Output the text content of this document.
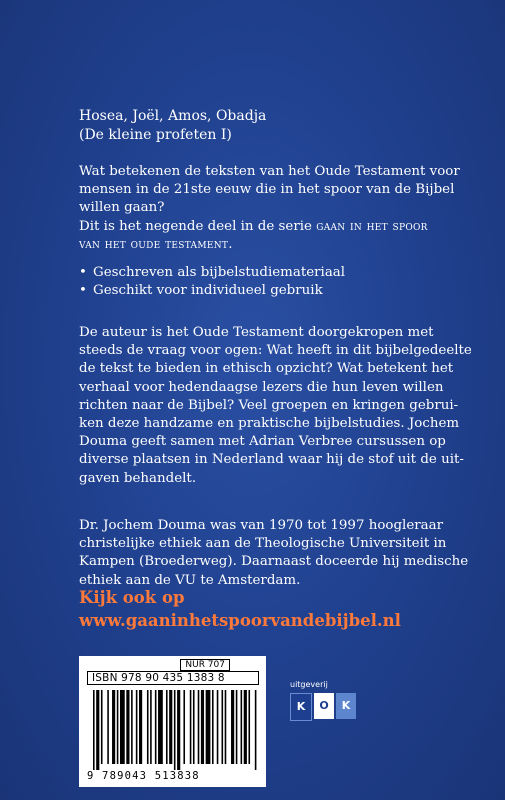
Hosea, Joël, Amos, Obadja
(De kleine profeten I)
Wat betekenen de teksten van het Oude Testament voor
mensen in de 21ste eeuw die in het spoor van de Bijbel
willen gaan?
Dit is het negende deel in de serie gaan in het spoor
van het oude testament.
• Geschreven als bijbelstudiemateriaal
• Geschikt voor individueel gebruik
De auteur is het Oude Testament doorgekropen met
steeds de vraag voor ogen: Wat heeft in dit bijbelgedeelte
de tekst te bieden in ethisch opzicht? Wat betekent het
verhaal voor hedendaagse lezers die hun leven willen
richten naar de Bijbel? Veel groepen en kringen gebrui-
ken deze handzame en praktische bijbelstudies. Jochem
Douma geeft samen met Adrian Verbree cursussen op
diverse plaatsen in Nederland waar hij de stof uit de uit-
gaven behandelt.
Dr. Jochem Douma was van 1970 tot 1997 hoogleraar
christelijke ethiek aan de Theologische Universiteit in
Kampen (Broederweg). Daarnaast doceerde hij medische
ethiek aan de VU te Amsterdam.
Kijk ook op
www.gaaninhetspoorvandebijbel.nl
NUR 707
ISBN 978 90 435 1383 8
9 789043 513838
uitgeverij
K	O	K
